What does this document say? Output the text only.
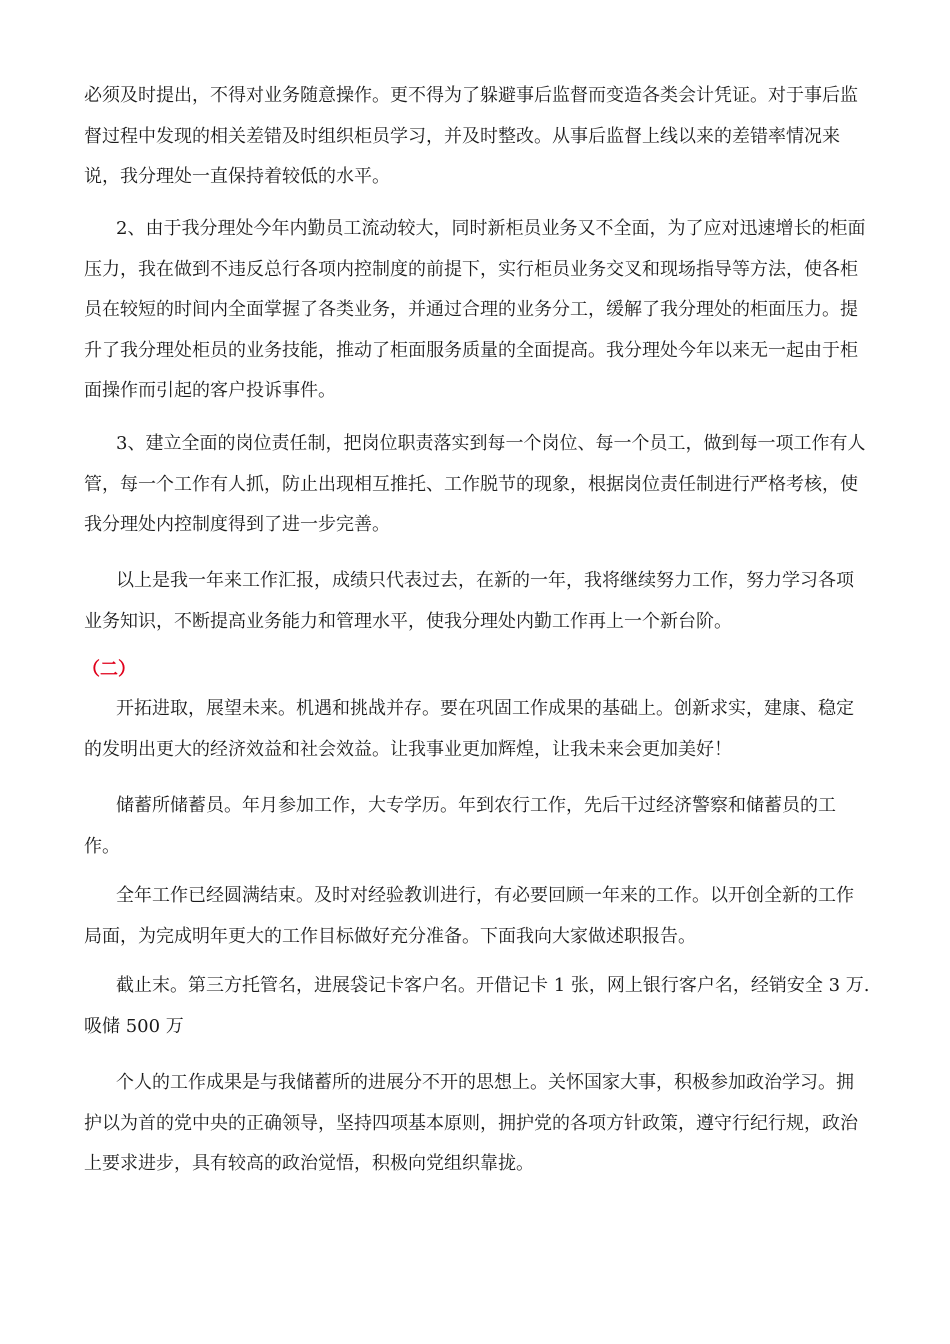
必须及时提出，不得对业务随意操作。更不得为了躲避事后监督而变造各类会计凭证。对于事后监
督过程中发现的相关差错及时组织柜员学习，并及时整改。从事后监督上线以来的差错率情况来
说，我分理处一直保持着较低的水平。

2、由于我分理处今年内勤员工流动较大，同时新柜员业务又不全面，为了应对迅速增长的柜面
压力，我在做到不违反总行各项内控制度的前提下，实行柜员业务交叉和现场指导等方法，使各柜
员在较短的时间内全面掌握了各类业务，并通过合理的业务分工，缓解了我分理处的柜面压力。提
升了我分理处柜员的业务技能，推动了柜面服务质量的全面提高。我分理处今年以来无一起由于柜
面操作而引起的客户投诉事件。

3、建立全面的岗位责任制，把岗位职责落实到每一个岗位、每一个员工，做到每一项工作有人
管，每一个工作有人抓，防止出现相互推托、工作脱节的现象，根据岗位责任制进行严格考核，使
我分理处内控制度得到了进一步完善。

以上是我一年来工作汇报，成绩只代表过去，在新的一年，我将继续努力工作，努力学习各项
业务知识，不断提高业务能力和管理水平，使我分理处内勤工作再上一个新台阶。

（二）

开拓进取，展望未来。机遇和挑战并存。要在巩固工作成果的基础上。创新求实，建康、稳定
的发明出更大的经济效益和社会效益。让我事业更加辉煌，让我未来会更加美好！

储蓄所储蓄员。年月参加工作，大专学历。年到农行工作，先后干过经济警察和储蓄员的工
作。

全年工作已经圆满结束。及时对经验教训进行，有必要回顾一年来的工作。以开创全新的工作
局面，为完成明年更大的工作目标做好充分准备。下面我向大家做述职报告。

截止末。第三方托管名，进展袋记卡客户名。开借记卡 1 张，网上银行客户名，经销安全 3 万.
吸储 500 万

个人的工作成果是与我储蓄所的进展分不开的思想上。关怀国家大事，积极参加政治学习。拥
护以为首的党中央的正确领导，坚持四项基本原则，拥护党的各项方针政策，遵守行纪行规，政治
上要求进步，具有较高的政治觉悟，积极向党组织靠拢。
